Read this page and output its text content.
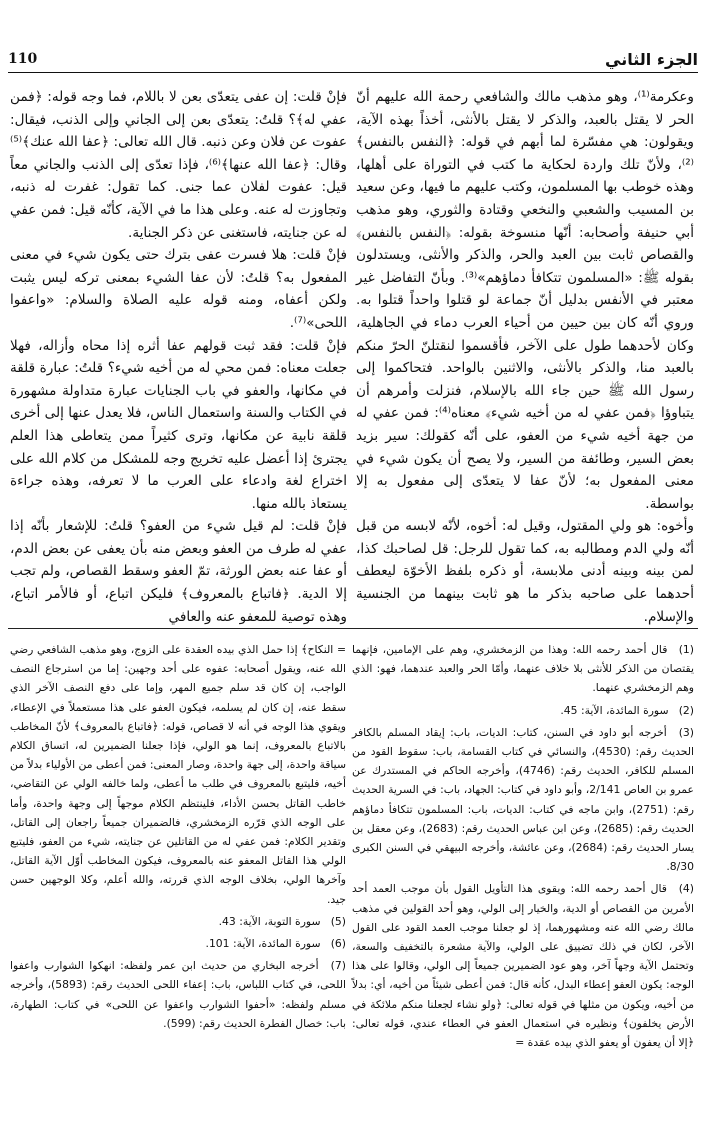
الجزء الثاني
110

وعكرمة⁽¹⁾، وهو مذهب مالك والشافعي رحمة الله عليهم أنّ الحر لا يقتل بالعبد، والذكر لا يقتل بالأنثى، أخذاً بهذه الآية، ويقولون: هي مفسّرة لما أبهم في قوله: ﴿النفس بالنفس﴾⁽²⁾، ولأنّ تلك واردة لحكاية ما كتب في التوراة على أهلها، وهذه خوطب بها المسلمون، وكتب عليهم ما فيها، وعن سعيد بن المسيب والشعبي والنخعي وقتادة والثوري، وهو مذهب أبي حنيفة وأصحابه: أنّها منسوخة بقوله: ﴿النفس بالنفس﴾ والقصاص ثابت بين العبد والحر، والذكر والأنثى، ويستدلون بقوله ﷺ: «المسلمون تتكافأ دماؤهم»⁽³⁾. وبأنّ التفاضل غير معتبر في الأنفس بدليل أنّ جماعة لو قتلوا واحداً قتلوا به. وروي أنّه كان بين حيين من أحياء العرب دماء في الجاهلية، وكان لأحدهما طول على الآخر، فأقسموا لنقتلنّ الحرّ منكم بالعبد منا، والذكر بالأنثى، والاثنين بالواحد. فتحاكموا إلى رسول الله ﷺ حين جاء الله بالإسلام، فنزلت وأمرهم أن يتباوؤا ﴿فمن عفي له من أخيه شيء﴾ معناه⁽⁴⁾: فمن عفي له من جهة أخيه شيء من العفو، على أنّه كقولك: سير بزيد بعض السير، وطائفة من السير، ولا يصح أن يكون شيء في معنى المفعول به؛ لأنّ عفا لا يتعدّى إلى مفعول به إلا بواسطة.

وأخوه: هو ولي المقتول، وقيل له: أخوه، لأنّه لابسه من قبل أنّه ولي الدم ومطالبه به، كما تقول للرجل: قل لصاحبك كذا، لمن بينه وبينه أدنى ملابسة، أو ذكره بلفظ الأخوّة ليعطف أحدهما على صاحبه بذكر ما هو ثابت بينهما من الجنسية والإسلام.

فإنْ قلت: إن عفى يتعدّى بعن لا باللام، فما وجه قوله: ﴿فمن عفي له﴾؟ قلتُ: يتعدّى بعن إلى الجاني وإلى الذنب، فيقال: عفوت عن فلان وعن ذنبه. قال الله تعالى: ﴿عفا الله عنك﴾⁽⁵⁾ وقال: ﴿عفا الله عنها﴾⁽⁶⁾، فإذا تعدّى إلى الذنب والجاني معاً قيل: عفوت لفلان عما جنى. كما تقول: غفرت له ذنبه، وتجاوزت له عنه. وعلى هذا ما في الآية، كأنّه قيل: فمن عفي له عن جنايته، فاستغنى عن ذكر الجناية.

فإنْ قلت: هلا فسرت عفى بترك حتى يكون شيء في معنى المفعول به؟ قلتُ: لأن عفا الشيء بمعنى تركه ليس يثبت ولكن أعفاه، ومنه قوله عليه الصلاة والسلام: «واعفوا اللحى»⁽⁷⁾.

فإنْ قلت: فقد ثبت قولهم عفا أثره إذا محاه وأزاله، فهلا جعلت معناه: فمن محي له من أخيه شيء؟ قلتُ: عبارة قلقة في مكانها، والعفو في باب الجنايات عبارة متداولة مشهورة في الكتاب والسنة واستعمال الناس، فلا يعدل عنها إلى أخرى قلقة نابية عن مكانها، وترى كثيراً ممن يتعاطى هذا العلم يجترئ إذا أعضل عليه تخريج وجه للمشكل من كلام الله على اختراع لغة وادعاء على العرب ما لا تعرفه، وهذه جراءة يستعاذ بالله منها.

فإنْ قلت: لم قيل شيء من العفو؟ قلتُ: للإشعار بأنّه إذا عفي له طرف من العفو وبعض منه بأن يعفى عن بعض الدم، أو عفا عنه بعض الورثة، تمّ العفو وسقط القصاص، ولم تجب إلا الدية. ﴿فاتباع بالمعروف﴾ فليكن اتباع، أو فالأمر اتباع، وهذه توصية للمعفو عنه والعافي

(1) قال أحمد رحمه الله: وهذا من الزمخشري، وهم على الإمامين، فإنهما يقتصان من الذكر للأنثى بلا خلاف عنهما، وأمّا الحر والعبد عندهما، فهو: الذي وهم الزمخشري عنهما.

(2) سورة المائدة، الآية: 45.

(3) أخرجه أبو داود في السنن، كتاب: الديات، باب: إيقاد المسلم بالكافر الحديث رقم: (4530)، والنسائي في كتاب القسامة، باب: سقوط القود من المسلم للكافر، الحديث رقم: (4746)، وأخرجه الحاكم في المستدرك عن عمرو بن العاص 2/141، وأبو داود في كتاب: الجهاد، باب: في السرية الحديث رقم: (2751)، وابن ماجه في كتاب: الديات، باب: المسلمون تتكافأ دماؤهم الحديث رقم: (2685)، وعن ابن عباس الحديث رقم: (2683)، وعن معقل بن يسار الحديث رقم: (2684)، وعن عائشة، وأخرجه البيهقي في السنن الكبرى 8/30.

(4) قال أحمد رحمه الله: ويقوى هذا التأويل القول بأن موجب العمد أحد الأمرين من القصاص أو الدية، والخيار إلى الولي، وهو أحد القولين في مذهب مالك رضي الله عنه ومشهورهما، إذ لو جعلنا موجب العمد القود على القول الآخر، لكان في ذلك تضييق على الولي، والآية مشعرة بالتخفيف والسعة، وتحتمل الآية وجهاً آخر، وهو عود الضميرين جميعاً إلى الولي، وقالوا على هذا الوجه: يكون العفو إعطاء البدل، كأنه قال: فمن أعطى شيئاً من أخيه، أي: بدلاً من أخيه، ويكون من مثلها في قوله تعالى: ﴿ولو نشاء لجعلنا منكم ملائكة في الأرض يخلفون﴾ ونظيره في استعمال العفو في العطاء عندي، قوله تعالى: ﴿إلا أن يعفون أو يعفو الذي بيده عقدة =

= النكاح﴾ إذا حمل الذي بيده العقدة على الزوج، وهو مذهب الشافعي رضي الله عنه، ويقول أصحابه: عفوه على أحد وجهين: إما من استرجاع النصف الواجب، إن كان قد سلم جميع المهر، وإما على دفع النصف الآخر الذي سقط عنه، إن كان لم يسلمه، فيكون العفو على هذا مستعملاً في الإعطاء، ويقوي هذا الوجه في أنه لا قصاص، قوله: ﴿فاتباع بالمعروف﴾ لأنّ المخاطب بالاتباع بالمعروف، إنما هو الولي، فإذا جعلنا الضميرين له، اتساق الكلام سياقة واحدة، إلى جهة واحدة، وصار المعنى: فمن أعطى من الأولياء بدلاً من أخيه، فليتبع بالمعروف في طلب ما أعطى، ولما خالفه الولي عن التقاضي، خاطب القاتل بحسن الأداء، فلينتظم الكلام موجهاً إلى وجهة واحدة، وأما على الوجه الذي قرّره الزمخشري، فالضميران جميعاً راجعان إلى القاتل، وتقدير الكلام: فمن عفي له من القاتلين عن جنايته، شيء من العفو، فليتبع الولي هذا القاتل المعفو عنه بالمعروف، فيكون المخاطب أوّل الآية القاتل، وآخرها الولي، بخلاف الوجه الذي قررته، والله أعلم، وكلا الوجهين حسن جيد.

(5) سورة التوبة، الآية: 43.

(6) سورة المائدة، الآية: 101.

(7) أخرجه البخاري من حديث ابن عمر ولفظه: انهكوا الشوارب واعفوا اللحى، في كتاب اللباس، باب: إعفاء اللحى الحديث رقم: (5893)، وأخرجه مسلم ولفظه: «أحفوا الشوارب واعفوا عن اللحى» في كتاب: الطهارة، باب: خصال الفطرة الحديث رقم: (599).
